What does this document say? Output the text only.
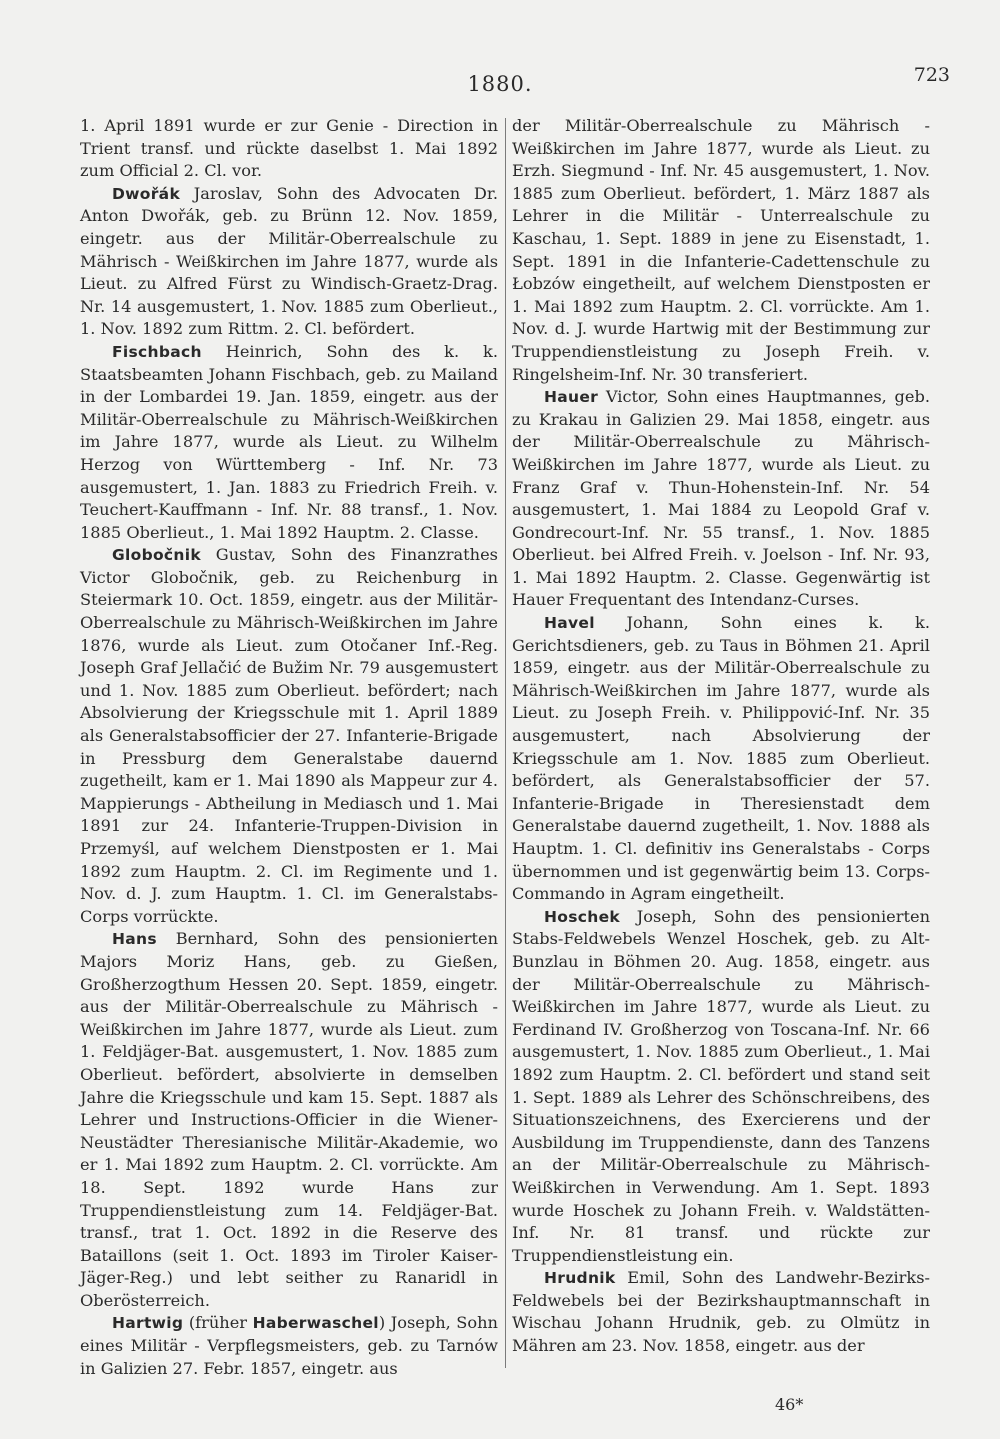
1880.	723

1. April 1891 wurde er zur Genie - Direction in Trient transf. und rückte daselbst 1. Mai 1892 zum Official 2. Cl. vor.

Dwořák Jaroslav, Sohn des Advocaten Dr. Anton Dwořák, geb. zu Brünn 12. Nov. 1859, eingetr. aus der Militär-Oberrealschule zu Mährisch - Weißkirchen im Jahre 1877, wurde als Lieut. zu Alfred Fürst zu Windisch-Graetz-Drag. Nr. 14 ausgemustert, 1. Nov. 1885 zum Oberlieut., 1. Nov. 1892 zum Rittm. 2. Cl. befördert.

Fischbach Heinrich, Sohn des k. k. Staatsbeamten Johann Fischbach, geb. zu Mailand in der Lombardei 19. Jan. 1859, eingetr. aus der Militär-Oberrealschule zu Mährisch-Weißkirchen im Jahre 1877, wurde als Lieut. zu Wilhelm Herzog von Württemberg - Inf. Nr. 73 ausgemustert, 1. Jan. 1883 zu Friedrich Freih. v. Teuchert-Kauffmann - Inf. Nr. 88 transf., 1. Nov. 1885 Oberlieut., 1. Mai 1892 Hauptm. 2. Classe.

Globočnik Gustav, Sohn des Finanzrathes Victor Globočnik, geb. zu Reichenburg in Steiermark 10. Oct. 1859, eingetr. aus der Militär-Oberrealschule zu Mährisch-Weißkirchen im Jahre 1876, wurde als Lieut. zum Otočaner Inf.-Reg. Joseph Graf Jellačić de Bužim Nr. 79 ausgemustert und 1. Nov. 1885 zum Oberlieut. befördert; nach Absolvierung der Kriegsschule mit 1. April 1889 als Generalstabsofficier der 27. Infanterie-Brigade in Pressburg dem Generalstabe dauernd zugetheilt, kam er 1. Mai 1890 als Mappeur zur 4. Mappierungs - Abtheilung in Mediasch und 1. Mai 1891 zur 24. Infanterie-Truppen-Division in Przemyśl, auf welchem Dienstposten er 1. Mai 1892 zum Hauptm. 2. Cl. im Regimente und 1. Nov. d. J. zum Hauptm. 1. Cl. im Generalstabs-Corps vorrückte.

Hans Bernhard, Sohn des pensionierten Majors Moriz Hans, geb. zu Gießen, Großherzogthum Hessen 20. Sept. 1859, eingetr. aus der Militär-Oberrealschule zu Mährisch - Weißkirchen im Jahre 1877, wurde als Lieut. zum 1. Feldjäger-Bat. ausgemustert, 1. Nov. 1885 zum Oberlieut. befördert, absolvierte in demselben Jahre die Kriegsschule und kam 15. Sept. 1887 als Lehrer und Instructions-Officier in die Wiener-Neustädter Theresianische Militär-Akademie, wo er 1. Mai 1892 zum Hauptm. 2. Cl. vorrückte. Am 18. Sept. 1892 wurde Hans zur Truppendienstleistung zum 14. Feldjäger-Bat. transf., trat 1. Oct. 1892 in die Reserve des Bataillons (seit 1. Oct. 1893 im Tiroler Kaiser-Jäger-Reg.) und lebt seither zu Ranaridl in Oberösterreich.

Hartwig (früher Haberwaschel) Joseph, Sohn eines Militär - Verpflegsmeisters, geb. zu Tarnów in Galizien 27. Febr. 1857, eingetr. aus

der Militär-Oberrealschule zu Mährisch - Weißkirchen im Jahre 1877, wurde als Lieut. zu Erzh. Siegmund - Inf. Nr. 45 ausgemustert, 1. Nov. 1885 zum Oberlieut. befördert, 1. März 1887 als Lehrer in die Militär - Unterrealschule zu Kaschau, 1. Sept. 1889 in jene zu Eisenstadt, 1. Sept. 1891 in die Infanterie-Cadettenschule zu Łobzów eingetheilt, auf welchem Dienstposten er 1. Mai 1892 zum Hauptm. 2. Cl. vorrückte. Am 1. Nov. d. J. wurde Hartwig mit der Bestimmung zur Truppendienstleistung zu Joseph Freih. v. Ringelsheim-Inf. Nr. 30 transferiert.

Hauer Victor, Sohn eines Hauptmannes, geb. zu Krakau in Galizien 29. Mai 1858, eingetr. aus der Militär-Oberrealschule zu Mährisch-Weißkirchen im Jahre 1877, wurde als Lieut. zu Franz Graf v. Thun-Hohenstein-Inf. Nr. 54 ausgemustert, 1. Mai 1884 zu Leopold Graf v. Gondrecourt-Inf. Nr. 55 transf., 1. Nov. 1885 Oberlieut. bei Alfred Freih. v. Joelson - Inf. Nr. 93, 1. Mai 1892 Hauptm. 2. Classe. Gegenwärtig ist Hauer Frequentant des Intendanz-Curses.

Havel Johann, Sohn eines k. k. Gerichtsdieners, geb. zu Taus in Böhmen 21. April 1859, eingetr. aus der Militär-Oberrealschule zu Mährisch-Weißkirchen im Jahre 1877, wurde als Lieut. zu Joseph Freih. v. Philippović-Inf. Nr. 35 ausgemustert, nach Absolvierung der Kriegsschule am 1. Nov. 1885 zum Oberlieut. befördert, als Generalstabsofficier der 57. Infanterie-Brigade in Theresienstadt dem Generalstabe dauernd zugetheilt, 1. Nov. 1888 als Hauptm. 1. Cl. definitiv ins Generalstabs - Corps übernommen und ist gegenwärtig beim 13. Corps-Commando in Agram eingetheilt.

Hoschek Joseph, Sohn des pensionierten Stabs-Feldwebels Wenzel Hoschek, geb. zu Alt-Bunzlau in Böhmen 20. Aug. 1858, eingetr. aus der Militär-Oberrealschule zu Mährisch-Weißkirchen im Jahre 1877, wurde als Lieut. zu Ferdinand IV. Großherzog von Toscana-Inf. Nr. 66 ausgemustert, 1. Nov. 1885 zum Oberlieut., 1. Mai 1892 zum Hauptm. 2. Cl. befördert und stand seit 1. Sept. 1889 als Lehrer des Schönschreibens, des Situationszeichnens, des Exercierens und der Ausbildung im Truppendienste, dann des Tanzens an der Militär-Oberrealschule zu Mährisch-Weißkirchen in Verwendung. Am 1. Sept. 1893 wurde Hoschek zu Johann Freih. v. Waldstätten-Inf. Nr. 81 transf. und rückte zur Truppendienstleistung ein.

Hrudnik Emil, Sohn des Landwehr-Bezirks-Feldwebels bei der Bezirkshauptmannschaft in Wischau Johann Hrudnik, geb. zu Olmütz in Mähren am 23. Nov. 1858, eingetr. aus der

46*
